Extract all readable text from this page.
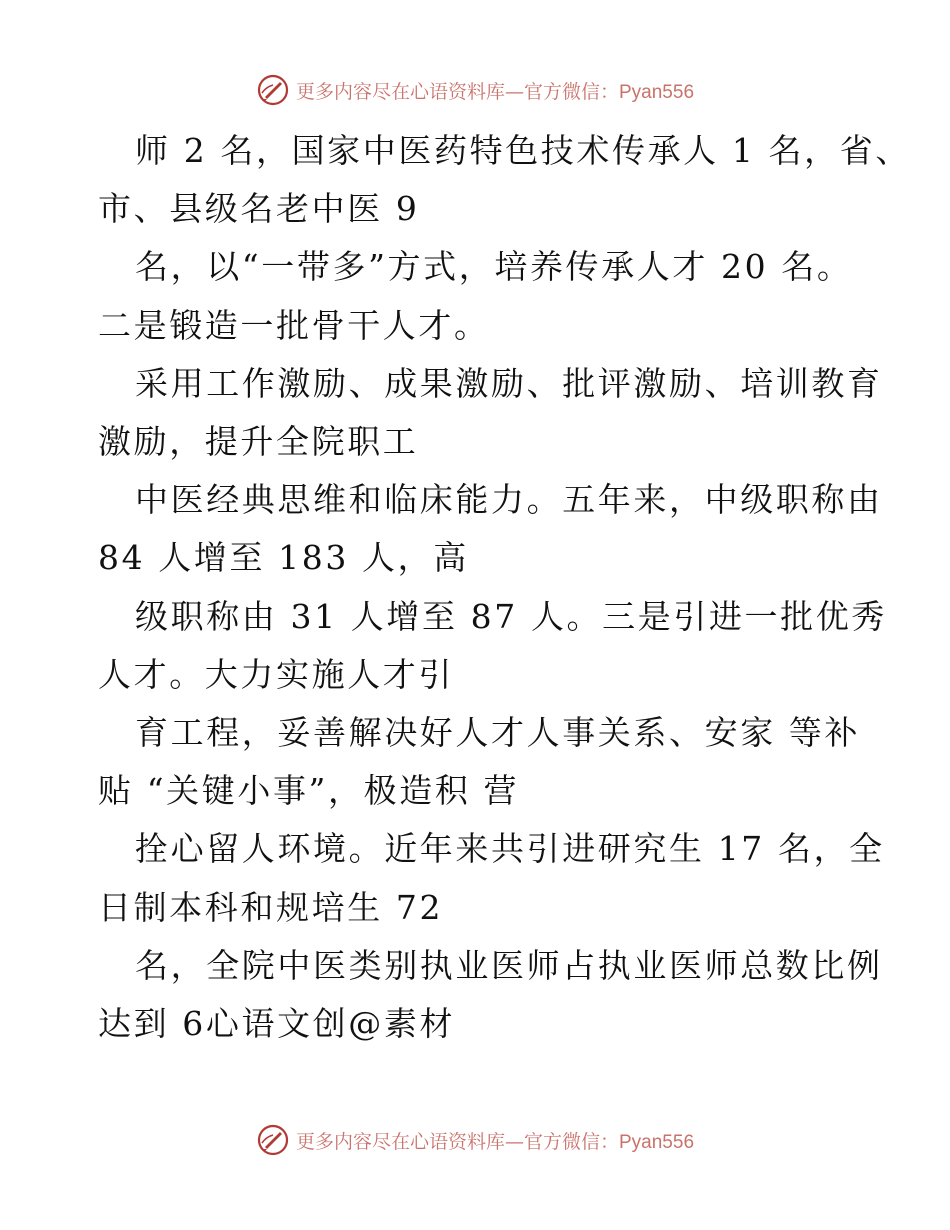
更多内容尽在心语资料库—官方微信：Pyan556
师 2 名，国家中医药特色技术传承人 1 名，省、
市、县级名老中医 9
名，以“一带多”方式，培养传承人才 20 名。
二是锻造一批骨干人才。
采用工作激励、成果激励、批评激励、培训教育
激励，提升全院职工
中医经典思维和临床能力。五年来，中级职称由
84 人增至 183 人，高
级职称由 31 人增至 87 人。三是引进一批优秀
人才。大力实施人才引
育工程，妥善解决好人才人事关系、安家 等补
贴 “关键小事”，极造积 营
拴心留人环境。近年来共引进研究生 17 名，全
日制本科和规培生 72
名，全院中医类别执业医师占执业医师总数比例
达到 6心语文创@素材
更多内容尽在心语资料库—官方微信：Pyan556
